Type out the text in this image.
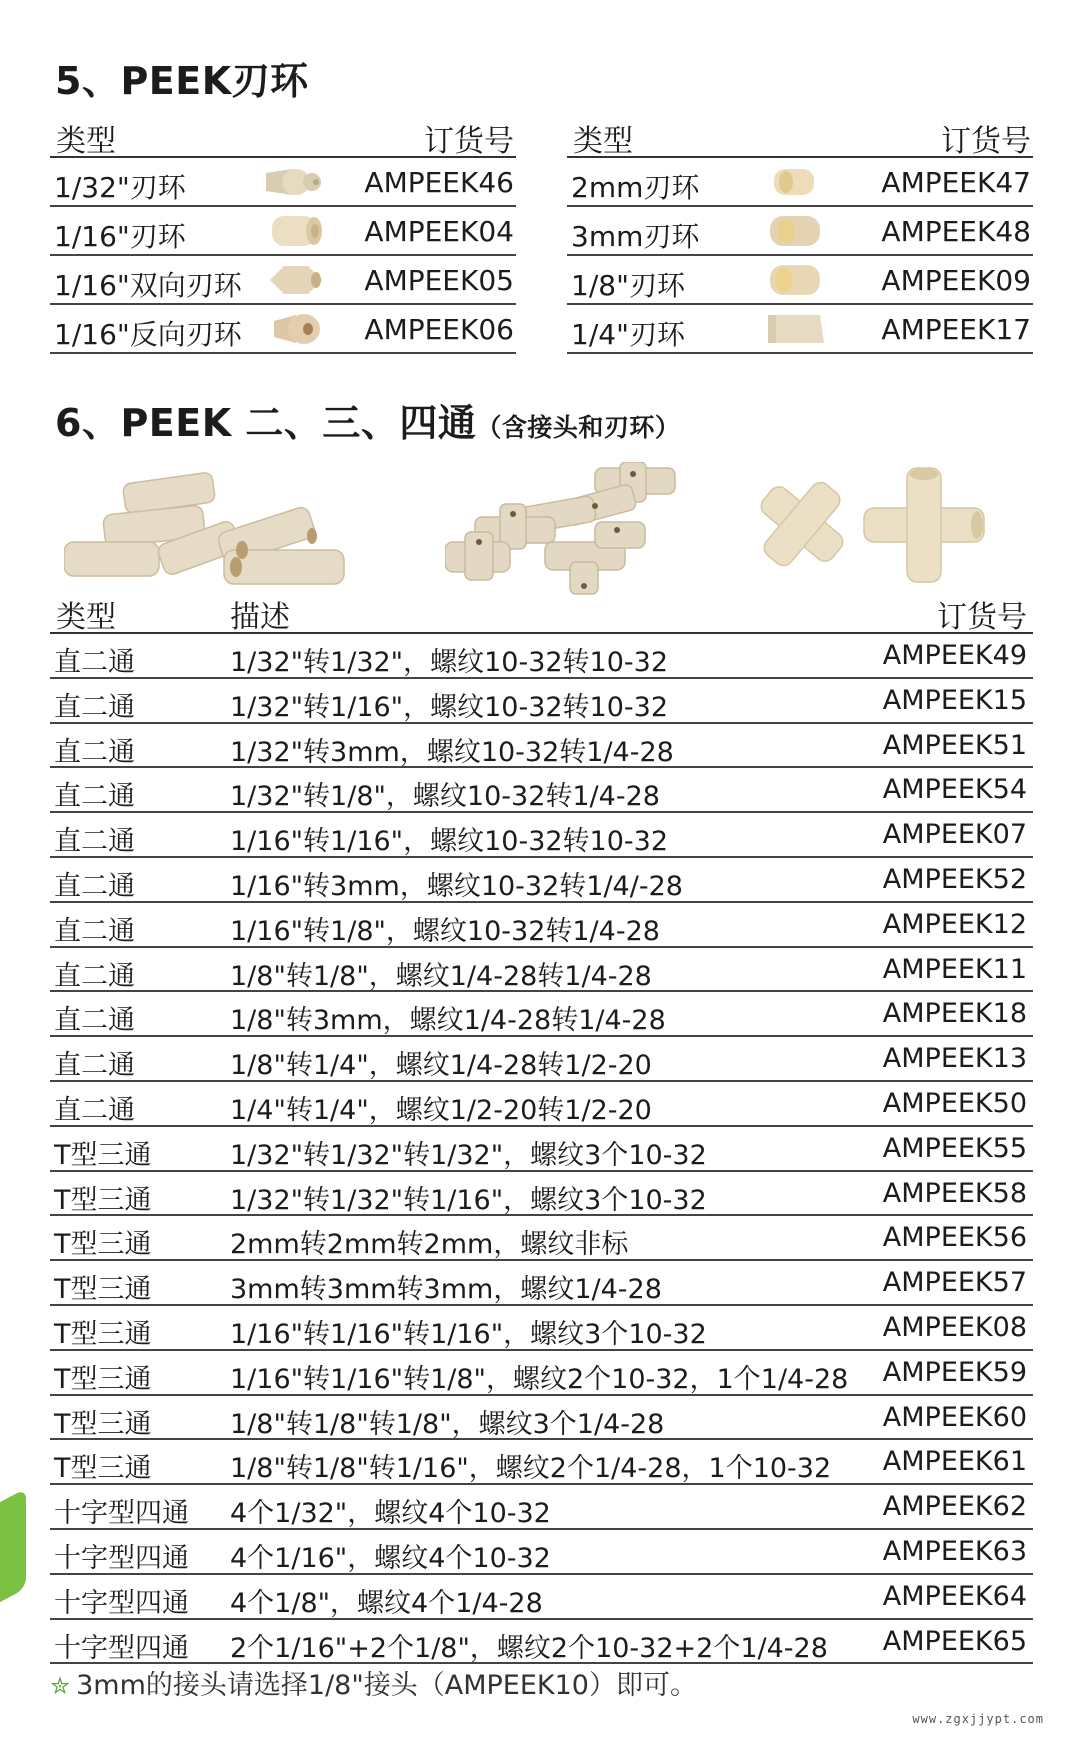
5、PEEK刃环
类型	订货号
1/32"刃环	AMPEEK46
1/16"刃环	AMPEEK04
1/16"双向刃环	AMPEEK05
1/16"反向刃环	AMPEEK06
类型	订货号
2mm刃环	AMPEEK47
3mm刃环	AMPEEK48
1/8"刃环	AMPEEK09
1/4"刃环	AMPEEK17
6、PEEK 二、三、四通（含接头和刃环）
类型	描述	订货号
直二通	1/32"转1/32"，螺纹10-32转10-32	AMPEEK49
直二通	1/32"转1/16"，螺纹10-32转10-32	AMPEEK15
直二通	1/32"转3mm，螺纹10-32转1/4-28	AMPEEK51
直二通	1/32"转1/8"，螺纹10-32转1/4-28	AMPEEK54
直二通	1/16"转1/16"，螺纹10-32转10-32	AMPEEK07
直二通	1/16"转3mm，螺纹10-32转1/4/-28	AMPEEK52
直二通	1/16"转1/8"，螺纹10-32转1/4-28	AMPEEK12
直二通	1/8"转1/8"，螺纹1/4-28转1/4-28	AMPEEK11
直二通	1/8"转3mm，螺纹1/4-28转1/4-28	AMPEEK18
直二通	1/8"转1/4"，螺纹1/4-28转1/2-20	AMPEEK13
直二通	1/4"转1/4"，螺纹1/2-20转1/2-20	AMPEEK50
T型三通	1/32"转1/32"转1/32"，螺纹3个10-32	AMPEEK55
T型三通	1/32"转1/32"转1/16"，螺纹3个10-32	AMPEEK58
T型三通	2mm转2mm转2mm，螺纹非标	AMPEEK56
T型三通	3mm转3mm转3mm，螺纹1/4-28	AMPEEK57
T型三通	1/16"转1/16"转1/16"，螺纹3个10-32	AMPEEK08
T型三通	1/16"转1/16"转1/8"，螺纹2个10-32，1个1/4-28 AMPEEK59
T型三通	1/8"转1/8"转1/8"，螺纹3个1/4-28	AMPEEK60
T型三通	1/8"转1/8"转1/16"，螺纹2个1/4-28，1个10-32 AMPEEK61
十字型四通 4个1/32"，螺纹4个10-32	AMPEEK62
十字型四通 4个1/16"，螺纹4个10-32	AMPEEK63
十字型四通 4个1/8"，螺纹4个1/4-28	AMPEEK64
十字型四通 2个1/16"+2个1/8"，螺纹2个10-32+2个1/4-28 AMPEEK65
✮ 3mm的接头请选择1/8"接头（AMPEEK10）即可。
www.zgxjjypt.com
